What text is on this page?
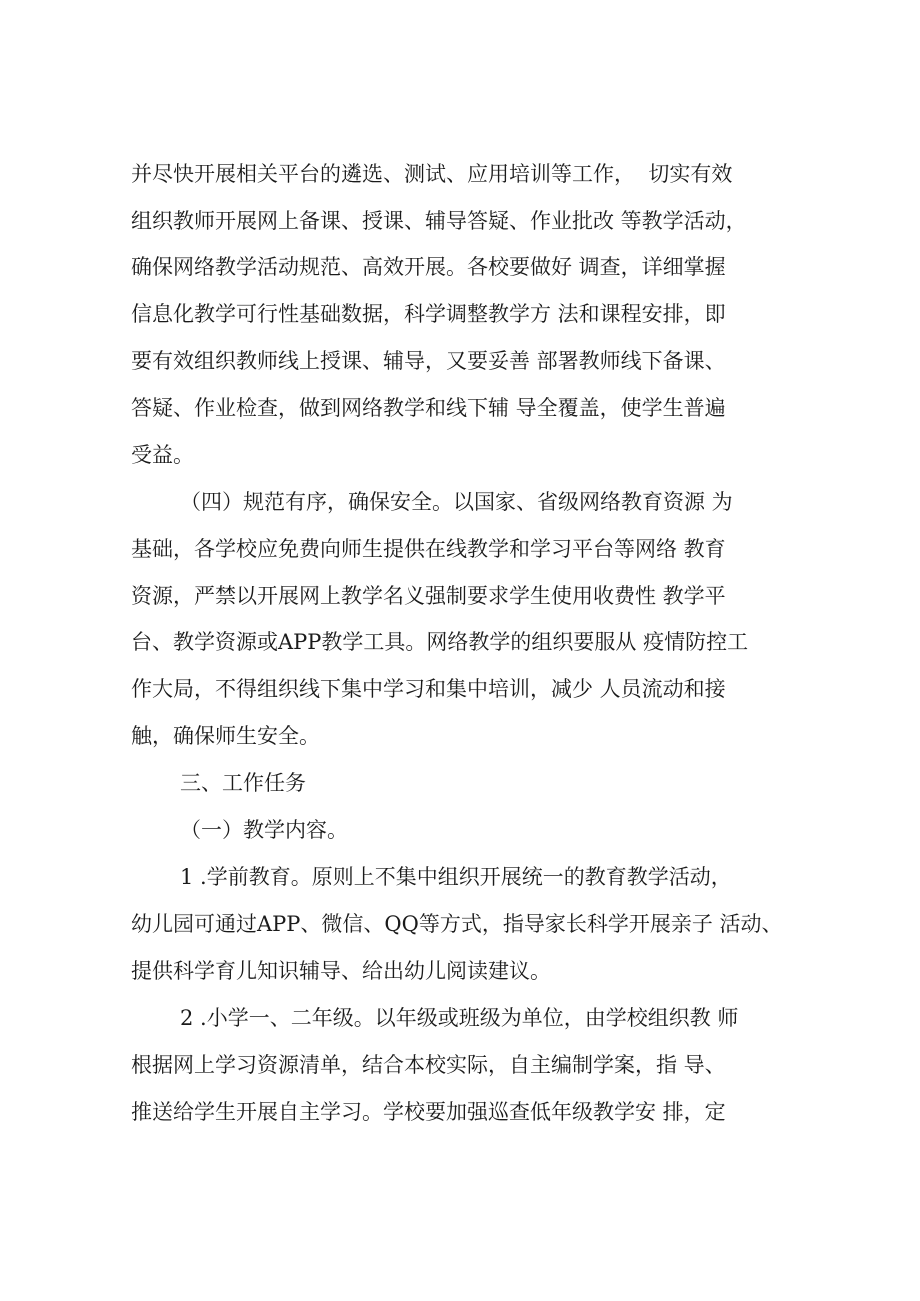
并尽快开展相关平台的遴选、测试、应用培训等工作，  切实有效
组织教师开展网上备课、授课、辅导答疑、作业批改 等教学活动，
确保网络教学活动规范、高效开展。各校要做好 调查，详细掌握
信息化教学可行性基础数据，科学调整教学方 法和课程安排，即
要有效组织教师线上授课、辅导，又要妥善 部署教师线下备课、
答疑、作业检查，做到网络教学和线下辅 导全覆盖，使学生普遍
受益。
（四）规范有序，确保安全。以国家、省级网络教育资源 为
基础，各学校应免费向师生提供在线教学和学习平台等网络 教育
资源，严禁以开展网上教学名义强制要求学生使用收费性 教学平
台、教学资源或APP教学工具。网络教学的组织要服从 疫情防控工
作大局，不得组织线下集中学习和集中培训，减少 人员流动和接
触，确保师生安全。
三、工作任务
（一）教学内容。
1 .学前教育。原则上不集中组织开展统一的教育教学活动，
幼儿园可通过APP、微信、QQ等方式，指导家长科学开展亲子 活动、
提供科学育儿知识辅导、给出幼儿阅读建议。
2 .小学一、二年级。以年级或班级为单位，由学校组织教 师
根据网上学习资源清单，结合本校实际，自主编制学案，指 导、
推送给学生开展自主学习。学校要加强巡查低年级教学安 排，定
